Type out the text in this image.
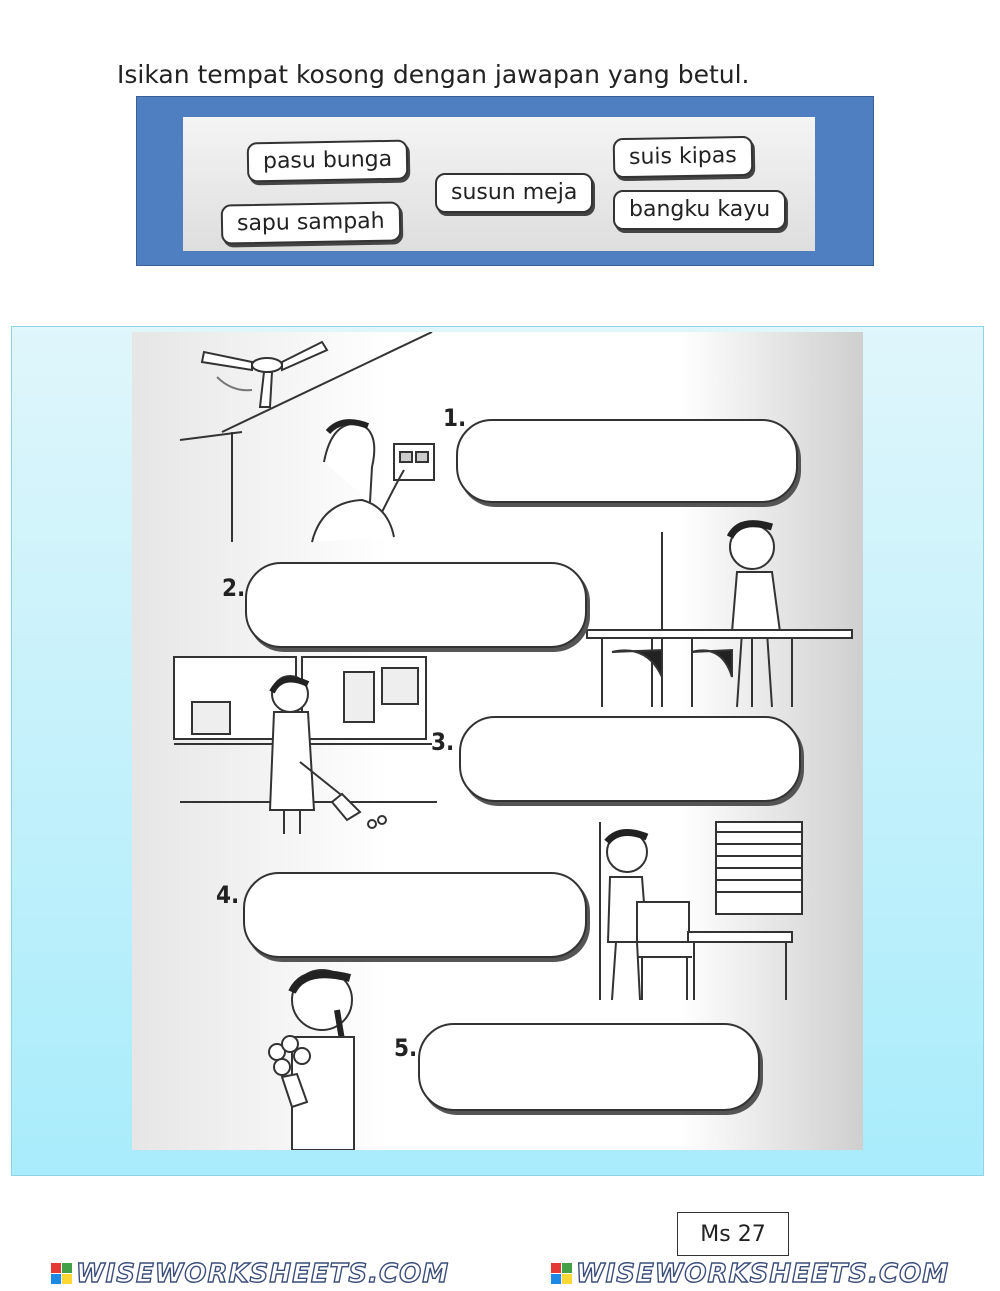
Isikan tempat kosong dengan jawapan yang betul.
pasu bunga
susun meja
suis kipas
sapu sampah	bangku kayu
1.
2.
3.
4.
5.
Ms 27
WISEWORKSHEETS.COM	WISEWORKSHEETS.COM
